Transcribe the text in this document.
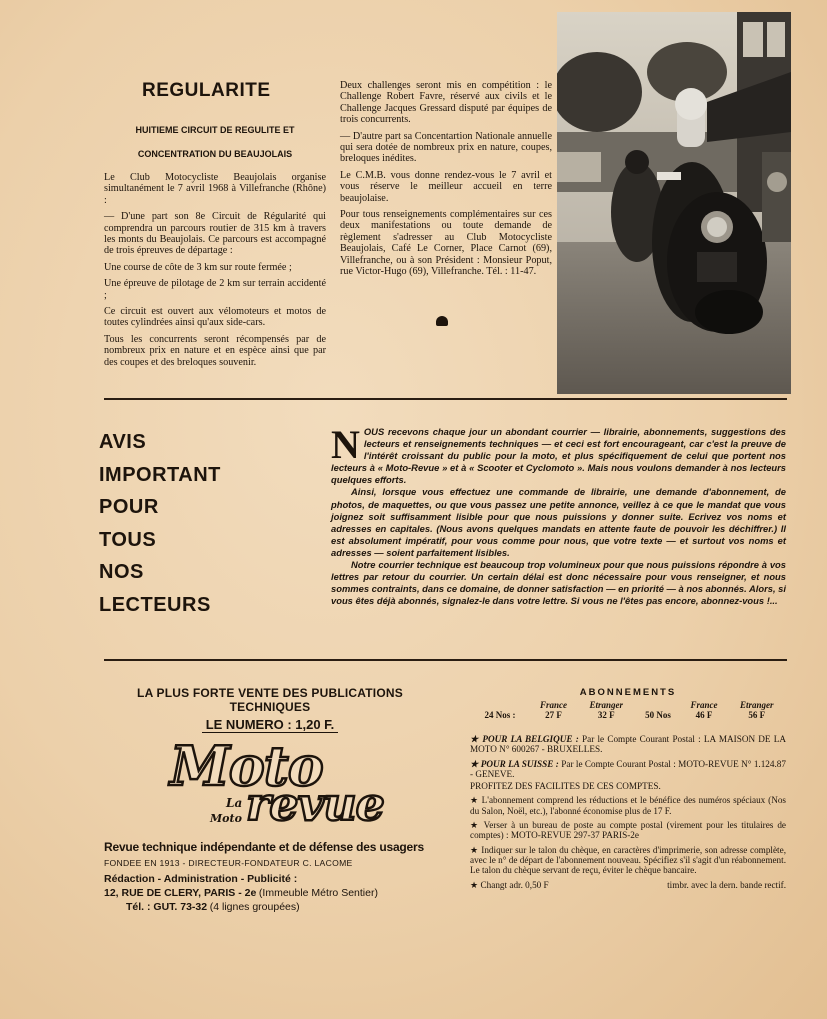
REGULARITE
HUITIEME CIRCUIT DE REGULITE ET
CONCENTRATION DU BEAUJOLAIS

Le Club Motocycliste Beaujolais organise simultanément le 7 avril 1968 à Villefranche (Rhône) :

— D'une part son 8e Circuit de Régularité qui comprendra un parcours routier de 315 km à travers les monts du Beaujolais. Ce parcours est accompagné de trois épreuves de départage :

Une course de côte de 3 km sur route fermée ;

Une épreuve de pilotage de 2 km sur terrain accidenté ;

Ce circuit est ouvert aux vélomoteurs et motos de toutes cylindrées ainsi qu'aux side-cars.

Tous les concurrents seront récompensés par de nombreux prix en nature et en espèce ainsi que par des coupes et des breloques souvenir.

Deux challenges seront mis en compétition : le Challenge Robert Favre, réservé aux civils et le Challenge Jacques Gressard disputé par équipes de trois concurrents.

— D'autre part sa Concentartion Nationale annuelle qui sera dotée de nombreux prix en nature, coupes, breloques inédites.

Le C.M.B. vous donne rendez-vous le 7 avril et vous réserve le meilleur accueil en terre beaujolaise.

Pour tous renseignements complémentaires sur ces deux manifestations ou toute demande de règlement s'adresser au Club Motocycliste Beaujolais, Café Le Corner, Place Carnot (69), Villefranche, ou à son Président : Monsieur Poput, rue Victor-Hugo (69), Villefranche. Tél. : 11-47.

AVIS
IMPORTANT
POUR
TOUS
NOS
LECTEURS

NOUS recevons chaque jour un abondant courrier — librairie, abonnements, suggestions des lecteurs et renseignements techniques — et ceci est fort encourageant, car c'est la preuve de l'intérêt croissant du public pour la moto, et plus spécifiquement de celui que portent nos lecteurs à « Moto-Revue » et à « Scooter et Cyclomoto ». Mais nous voulons demander à nos lecteurs quelques efforts.

Ainsi, lorsque vous effectuez une commande de librairie, une demande d'abonnement, de photos, de maquettes, ou que vous passez une petite annonce, veillez à ce que le mandat que vous joignez soit suffisamment lisible pour que nous puissions y donner suite. Ecrivez vos noms et adresses en capitales. (Nous avons quelques mandats en attente faute de pouvoir les déchiffrer.) Il est absolument impératif, pour vous comme pour nous, que votre texte — et surtout vos noms et adresses — soient parfaitement lisibles.

Notre courrier technique est beaucoup trop volumineux pour que nous puissions répondre à vos lettres par retour du courrier. Un certain délai est donc nécessaire pour vous renseigner, et nous sommes contraints, dans ce domaine, de donner satisfaction — en priorité — à nos abonnés. Alors, si vous êtes déjà abonnés, signalez-le dans votre lettre. Si vous ne l'êtes pas encore, abonnez-vous !...

LA PLUS FORTE VENTE DES PUBLICATIONS TECHNIQUES
LE NUMERO : 1,20 F.
Moto
La
Moto revue
Revue technique indépendante et de défense des usagers
FONDEE EN 1913 - DIRECTEUR-FONDATEUR C. LACOME
Rédaction - Administration - Publicité :
12, RUE DE CLERY, PARIS - 2e (Immeuble Métro Sentier)
Tél. : GUT. 73-32 (4 lignes groupées)
ABONNEMENTS
	France	Etranger		France	Etranger
24 Nos :	27 F	32 F	50 Nos	46 F	56 F

★ POUR LA BELGIQUE : Par le Compte Courant Postal : LA MAISON DE LA MOTO N° 600267 - BRUXELLES.

★ POUR LA SUISSE : Par le Compte Courant Postal : MOTO-REVUE N° 1.124.87 - GENEVE.

PROFITEZ DES FACILITES DE CES COMPTES.

★ L'abonnement comprend les réductions et le bénéfice des numéros spéciaux (Nos du Salon, Noël, etc.), l'abonné économise plus de 17 F.

★ Verser à un bureau de poste au compte postal (virement pour les titulaires de comptes) : MOTO-REVUE 297-37 PARIS-2e

★ Indiquer sur le talon du chèque, en caractères d'imprimerie, son adresse complète, avec le n° de départ de l'abonnement nouveau. Spécifiez s'il s'agit d'un réabonnement. Le talon du chèque servant de reçu, éviter le chèque bancaire.

★ Changt adr. 0,50 F	timbr. avec la dern. bande rectif.
